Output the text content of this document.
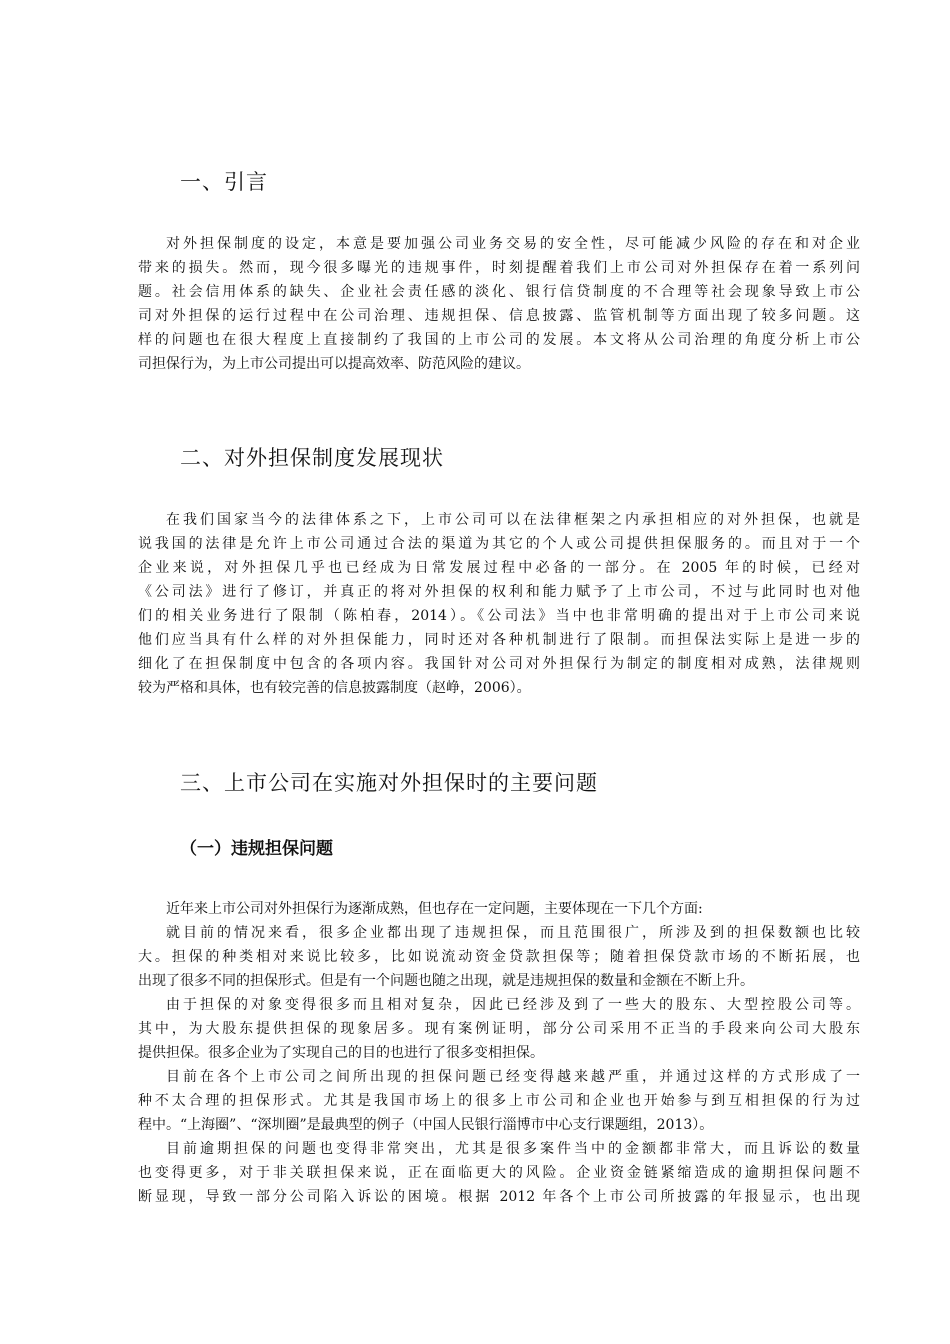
一、引言
对外担保制度的设定，本意是要加强公司业务交易的安全性，尽可能减少风险的存在和对企业
带来的损失。然而，现今很多曝光的违规事件，时刻提醒着我们上市公司对外担保存在着一系列问
题。社会信用体系的缺失、企业社会责任感的淡化、银行信贷制度的不合理等社会现象导致上市公
司对外担保的运行过程中在公司治理、违规担保、信息披露、监管机制等方面出现了较多问题。这
样的问题也在很大程度上直接制约了我国的上市公司的发展。本文将从公司治理的角度分析上市公
司担保行为，为上市公司提出可以提高效率、防范风险的建议。
二、对外担保制度发展现状
在我们国家当今的法律体系之下，上市公司可以在法律框架之内承担相应的对外担保，也就是
说我国的法律是允许上市公司通过合法的渠道为其它的个人或公司提供担保服务的。而且对于一个
企业来说，对外担保几乎也已经成为日常发展过程中必备的一部分。在 2005 年的时候，已经对
《公司法》进行了修订，并真正的将对外担保的权利和能力赋予了上市公司，不过与此同时也对他
们的相关业务进行了限制（陈柏春，2014）。《公司法》当中也非常明确的提出对于上市公司来说
他们应当具有什么样的对外担保能力，同时还对各种机制进行了限制。而担保法实际上是进一步的
细化了在担保制度中包含的各项内容。我国针对公司对外担保行为制定的制度相对成熟，法律规则
较为严格和具体，也有较完善的信息披露制度（赵峥，2006）。
三、上市公司在实施对外担保时的主要问题
（一）违规担保问题
近年来上市公司对外担保行为逐渐成熟，但也存在一定问题，主要体现在一下几个方面:
就目前的情况来看，很多企业都出现了违规担保，而且范围很广，所涉及到的担保数额也比较
大。担保的种类相对来说比较多，比如说流动资金贷款担保等；随着担保贷款市场的不断拓展，也
出现了很多不同的担保形式。但是有一个问题也随之出现，就是违规担保的数量和金额在不断上升。
由于担保的对象变得很多而且相对复杂，因此已经涉及到了一些大的股东、大型控股公司等。
其中，为大股东提供担保的现象居多。现有案例证明，部分公司采用不正当的手段来向公司大股东
提供担保。很多企业为了实现自己的目的也进行了很多变相担保。
目前在各个上市公司之间所出现的担保问题已经变得越来越严重，并通过这样的方式形成了一
种不太合理的担保形式。尤其是我国市场上的很多上市公司和企业也开始参与到互相担保的行为过
程中。“上海圈”、“深圳圈”是最典型的例子（中国人民银行淄博市中心支行课题组，2013）。
目前逾期担保的问题也变得非常突出，尤其是很多案件当中的金额都非常大，而且诉讼的数量
也变得更多，对于非关联担保来说，正在面临更大的风险。企业资金链紧缩造成的逾期担保问题不
断显现，导致一部分公司陷入诉讼的困境。根据 2012 年各个上市公司所披露的年报显示，也出现
